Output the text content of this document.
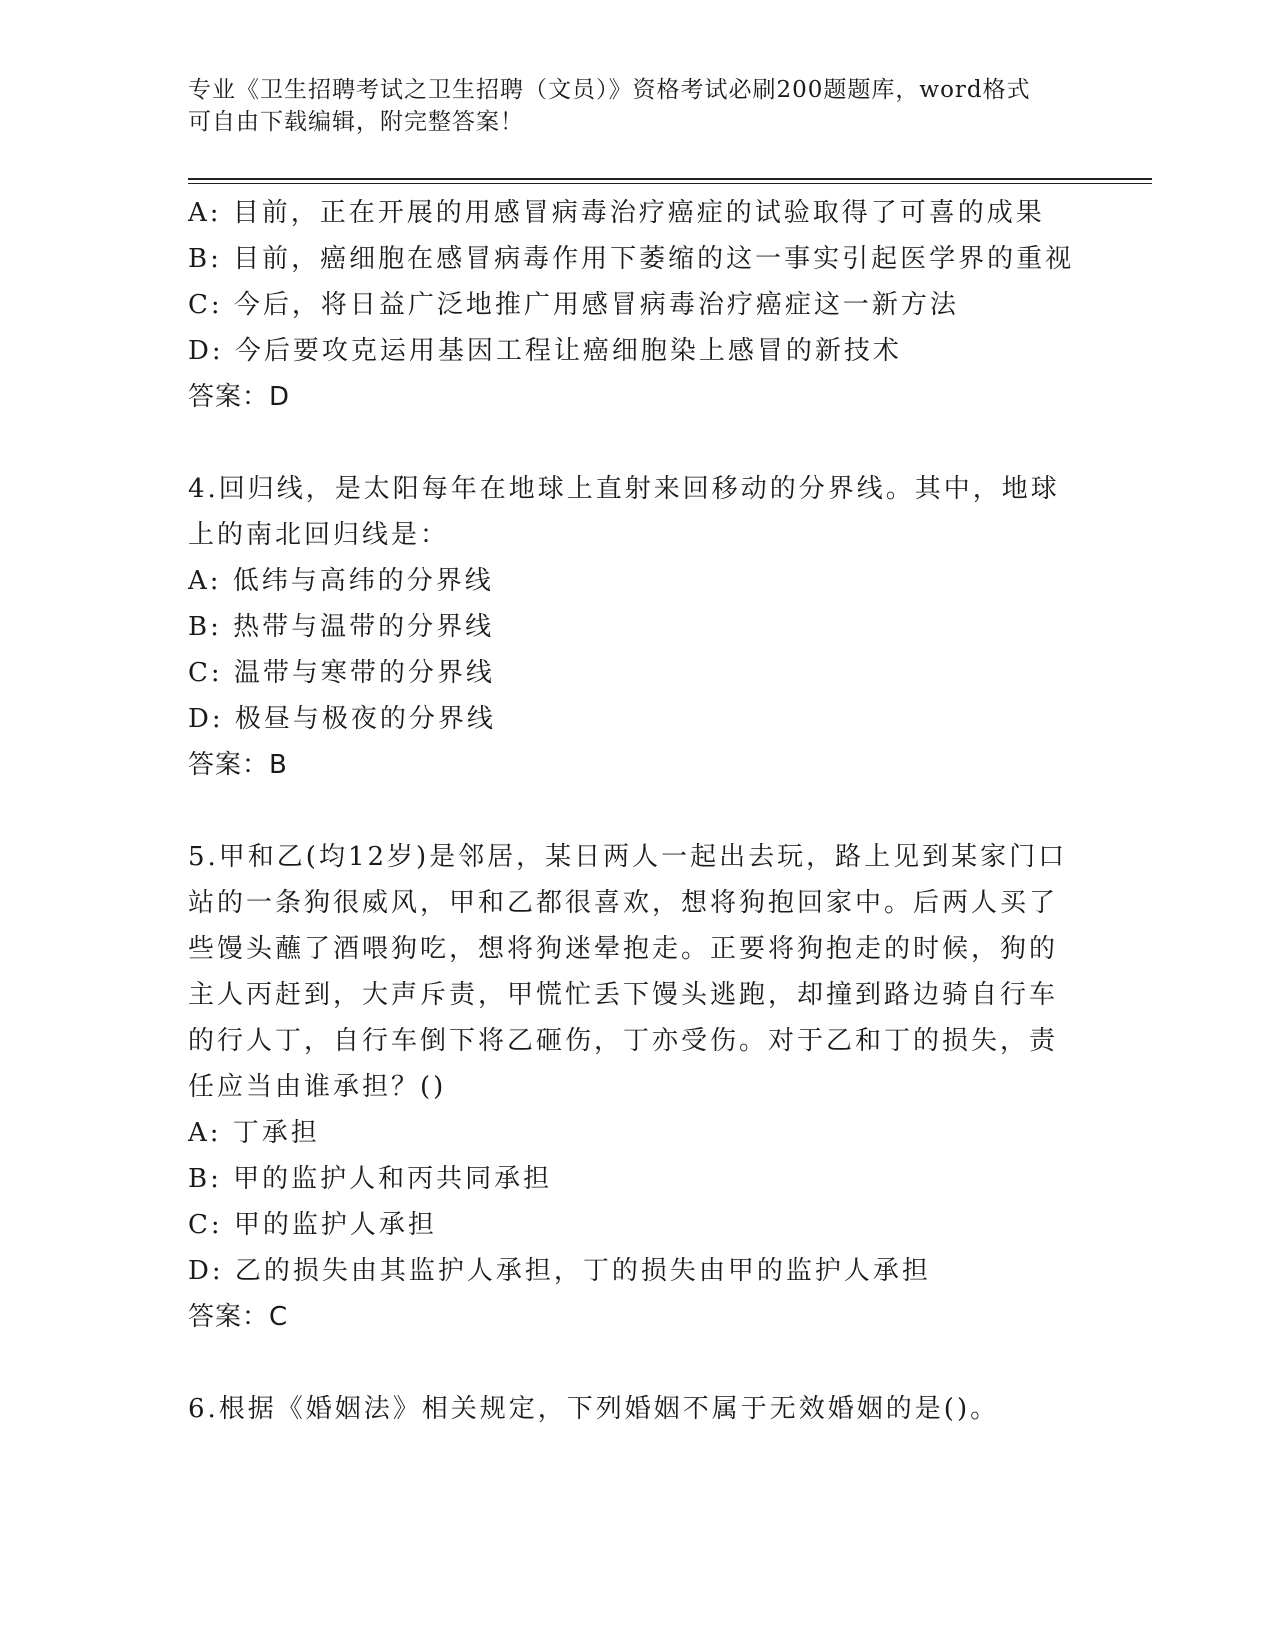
专业《卫生招聘考试之卫生招聘（文员）》资格考试必刷200题题库，word格式
可自由下载编辑，附完整答案！
A: 目前，正在开展的用感冒病毒治疗癌症的试验取得了可喜的成果
B: 目前，癌细胞在感冒病毒作用下萎缩的这一事实引起医学界的重视
C: 今后，将日益广泛地推广用感冒病毒治疗癌症这一新方法
D: 今后要攻克运用基因工程让癌细胞染上感冒的新技术
答案：D
4.回归线，是太阳每年在地球上直射来回移动的分界线。其中，地球
上的南北回归线是：
A: 低纬与高纬的分界线
B: 热带与温带的分界线
C: 温带与寒带的分界线
D: 极昼与极夜的分界线
答案：B
5.甲和乙(均12岁)是邻居，某日两人一起出去玩，路上见到某家门口
站的一条狗很威风，甲和乙都很喜欢，想将狗抱回家中。后两人买了
些馒头蘸了酒喂狗吃，想将狗迷晕抱走。正要将狗抱走的时候，狗的
主人丙赶到，大声斥责，甲慌忙丢下馒头逃跑，却撞到路边骑自行车
的行人丁，自行车倒下将乙砸伤，丁亦受伤。对于乙和丁的损失，责
任应当由谁承担？()
A: 丁承担
B: 甲的监护人和丙共同承担
C: 甲的监护人承担
D: 乙的损失由其监护人承担，丁的损失由甲的监护人承担
答案：C
6.根据《婚姻法》相关规定，下列婚姻不属于无效婚姻的是()。
